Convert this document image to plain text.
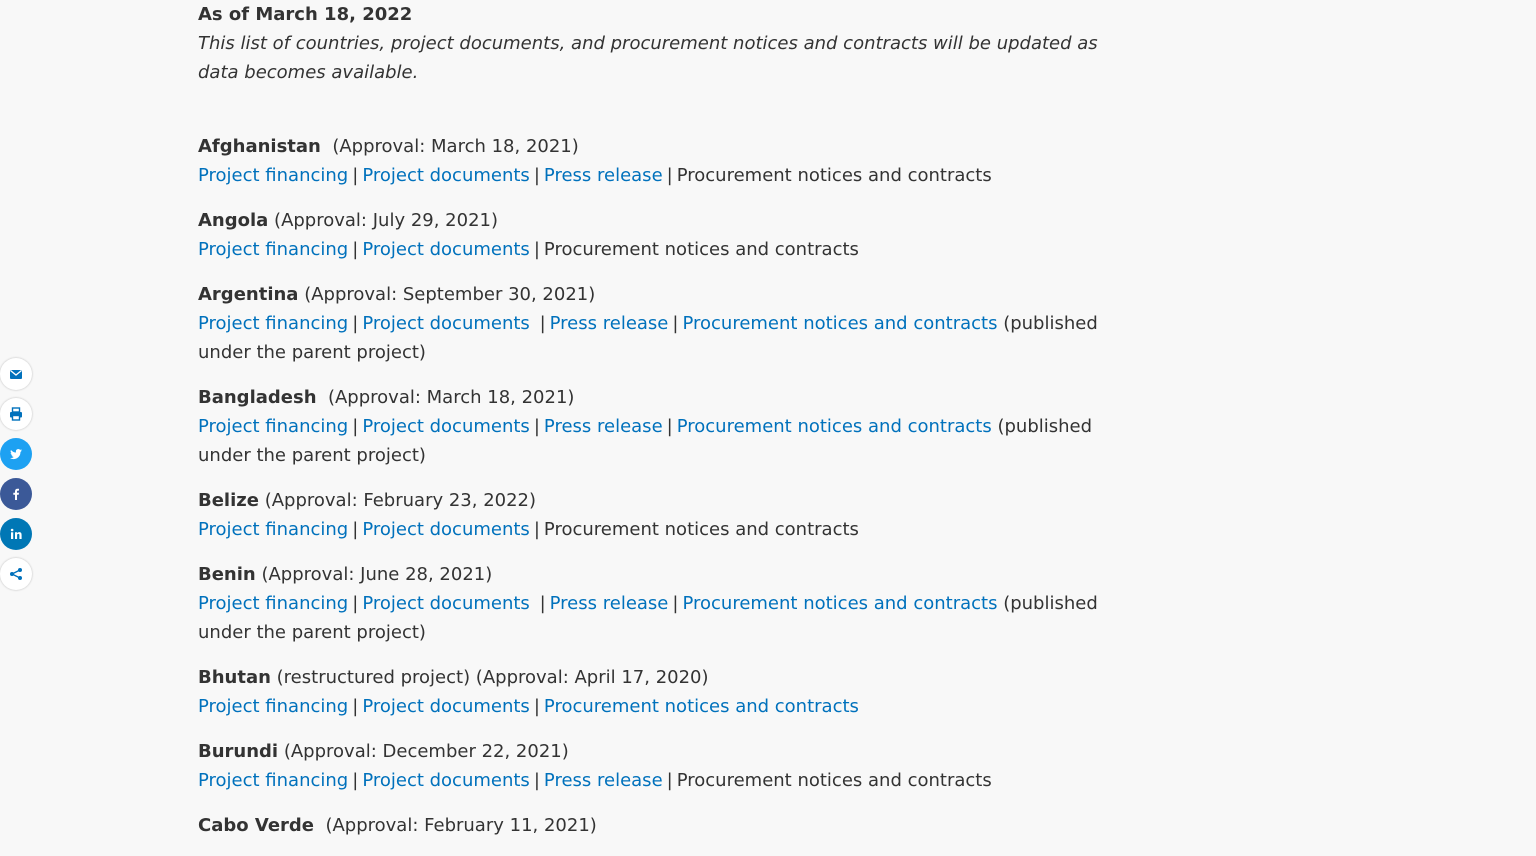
As of March 18, 2022
This list of countries, project documents, and procurement notices and contracts will be updated as data becomes available.
Afghanistan (Approval: March 18, 2021)
Project financing | Project documents | Press release | Procurement notices and contracts
Angola (Approval: July 29, 2021)
Project financing | Project documents | Procurement notices and contracts
Argentina (Approval: September 30, 2021)
Project financing | Project documents | Press release | Procurement notices and contracts (published under the parent project)
Bangladesh (Approval: March 18, 2021)
Project financing | Project documents | Press release | Procurement notices and contracts (published under the parent project)
Belize (Approval: February 23, 2022)
Project financing | Project documents | Procurement notices and contracts
Benin (Approval: June 28, 2021)
Project financing | Project documents | Press release | Procurement notices and contracts (published under the parent project)
Bhutan (restructured project) (Approval: April 17, 2020)
Project financing | Project documents | Procurement notices and contracts
Burundi (Approval: December 22, 2021)
Project financing | Project documents | Press release | Procurement notices and contracts
Cabo Verde (Approval: February 11, 2021)
